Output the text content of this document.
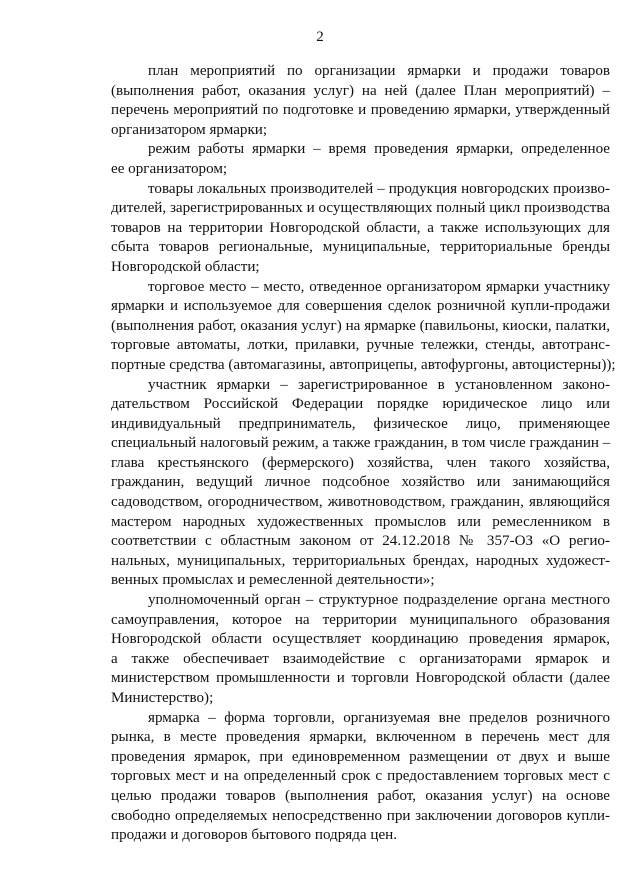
2
план мероприятий по организации ярмарки и продажи товаров
(выполнения работ, оказания услуг) на ней (далее План мероприятий) –
перечень мероприятий по подготовке и проведению ярмарки, утвержденный
организатором ярмарки;
режим работы ярмарки – время проведения ярмарки, определенное
ее организатором;
товары локальных производителей – продукция новгородских произво-
дителей, зарегистрированных и осуществляющих полный цикл производства
товаров на территории Новгородской области, а также использующих для
сбыта товаров региональные, муниципальные, территориальные бренды
Новгородской области;
торговое место – место, отведенное организатором ярмарки участнику
ярмарки и используемое для совершения сделок розничной купли-продажи
(выполнения работ, оказания услуг) на ярмарке (павильоны, киоски, палатки,
торговые автоматы, лотки, прилавки, ручные тележки, стенды, автотранс-
портные средства (автомагазины, автоприцепы, автофургоны, автоцистерны));
участник ярмарки – зарегистрированное в установленном законо-
дательством Российской Федерации порядке юридическое лицо или
индивидуальный предприниматель, физическое лицо, применяющее
специальный налоговый режим, а также гражданин, в том числе гражданин –
глава крестьянского (фермерского) хозяйства, член такого хозяйства,
гражданин, ведущий личное подсобное хозяйство или занимающийся
садоводством, огородничеством, животноводством, гражданин, являющийся
мастером народных художественных промыслов или ремесленником в
соответствии с областным законом от 24.12.2018 № 357-ОЗ «О регио-
нальных, муниципальных, территориальных брендах, народных художест-
венных промыслах и ремесленной деятельности»;
уполномоченный орган – структурное подразделение органа местного
самоуправления, которое на территории муниципального образования
Новгородской области осуществляет координацию проведения ярмарок,
а также обеспечивает взаимодействие с организаторами ярмарок и
министерством промышленности и торговли Новгородской области (далее
Министерство);
ярмарка – форма торговли, организуемая вне пределов розничного
рынка, в месте проведения ярмарки, включенном в перечень мест для
проведения ярмарок, при единовременном размещении от двух и выше
торговых мест и на определенный срок с предоставлением торговых мест с
целью продажи товаров (выполнения работ, оказания услуг) на основе
свободно определяемых непосредственно при заключении договоров купли-
продажи и договоров бытового подряда цен.
